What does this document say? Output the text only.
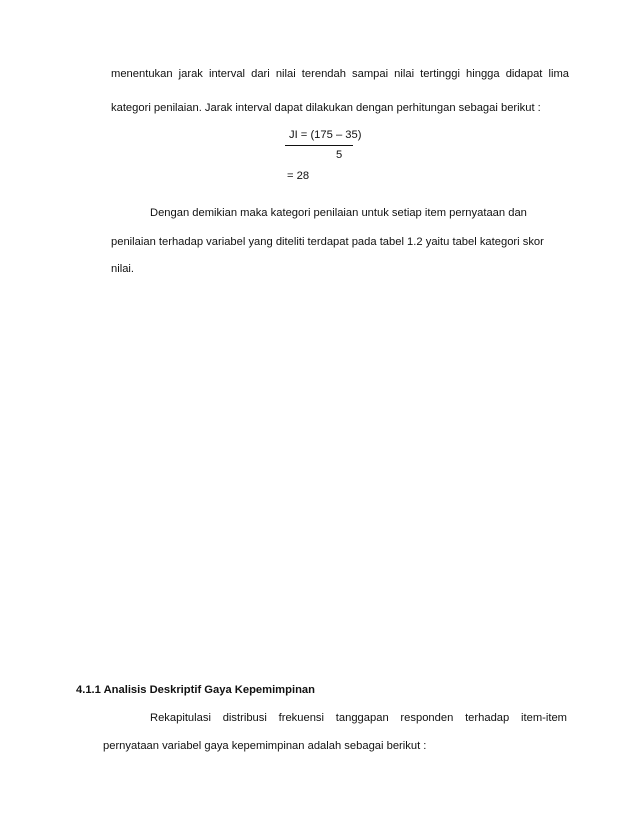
menentukan jarak interval dari nilai terendah sampai nilai tertinggi hingga didapat lima
kategori penilaian. Jarak interval dapat dilakukan dengan perhitungan sebagai berikut :
JI = (175 – 35)
5
= 28
Dengan demikian maka kategori penilaian untuk setiap item pernyataan dan
penilaian terhadap variabel yang diteliti terdapat pada tabel 1.2 yaitu tabel kategori skor
nilai.
4.1.1 Analisis Deskriptif Gaya Kepemimpinan
Rekapitulasi distribusi frekuensi tanggapan responden terhadap item-item
pernyataan variabel gaya kepemimpinan adalah sebagai berikut :
